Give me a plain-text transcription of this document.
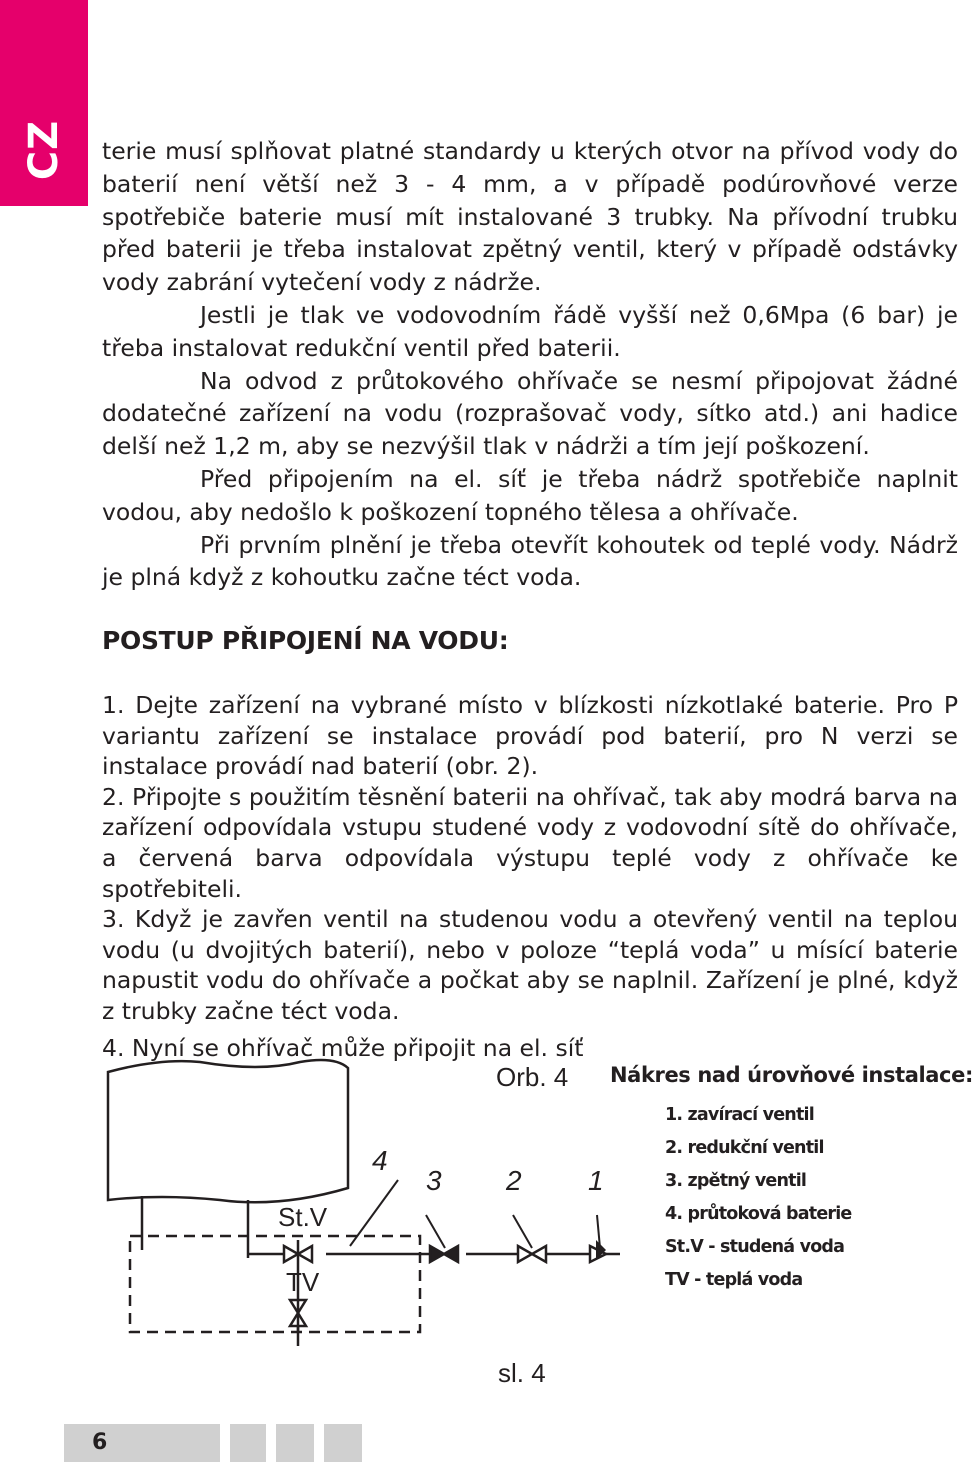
CZ terie musí splňovat platné standardy u kterých otvor na přívod vody do baterií není větší než 3 - 4 mm, a v případě podúrovňové verze spotřebiče baterie musí mít instalované 3 trubky. Na přívodní trubku před baterii je třeba instalovat zpětný ventil, který v případě odstávky vody zabrání vytečení vody z nádrže.

Jestli je tlak ve vodovodním řádě vyšší než 0,6Mpa (6 bar) je třeba instalovat redukční ventil před baterii.

Na odvod z průtokového ohřívače se nesmí připojovat žádné dodatečné zařízení na vodu (rozprašovač vody, sítko atd.) ani hadice delší než 1,2 m, aby se nezvýšil tlak v nádrži a tím její poškození.

Před připojením na el. síť je třeba nádrž spotřebiče naplnit vodou, aby nedošlo k poškození topného tělesa a ohřívače.

Při prvním plnění je třeba otevřít kohoutek od teplé vody. Nádrž je plná když z kohoutku začne téct voda.

POSTUP PŘIPOJENÍ NA VODU:

1. Dejte zařízení na vybrané místo v blízkosti nízkotlaké baterie. Pro P variantu zařízení se instalace provádí pod baterií, pro N verzi se instalace provádí nad baterií (obr. 2).

2. Připojte s použitím těsnění baterii na ohřívač, tak aby modrá barva na zařízení odpovídala vstupu studené vody z vodovodní sítě do ohřívače, a červená barva odpovídala výstupu teplé vody z ohřívače ke spotřebiteli.

3. Když je zavřen ventil na studenou vodu a otevřený ventil na teplou vodu (u dvojitých baterií), nebo v poloze “teplá voda” u mísící baterie napustit vodu do ohřívače a počkat aby se naplnil. Zařízení je plné, když z trubky začne téct voda.

4. Nyní se ohřívač může připojit na el. síť

St.V
TV
4
3 2 1
Orb. 4
sl. 4
Nákres nad úrovňové instalace:
1. zavírací ventil
2. redukční ventil
3. zpětný ventil
4. průtoková baterie
St.V - studená voda
TV - teplá voda
6
